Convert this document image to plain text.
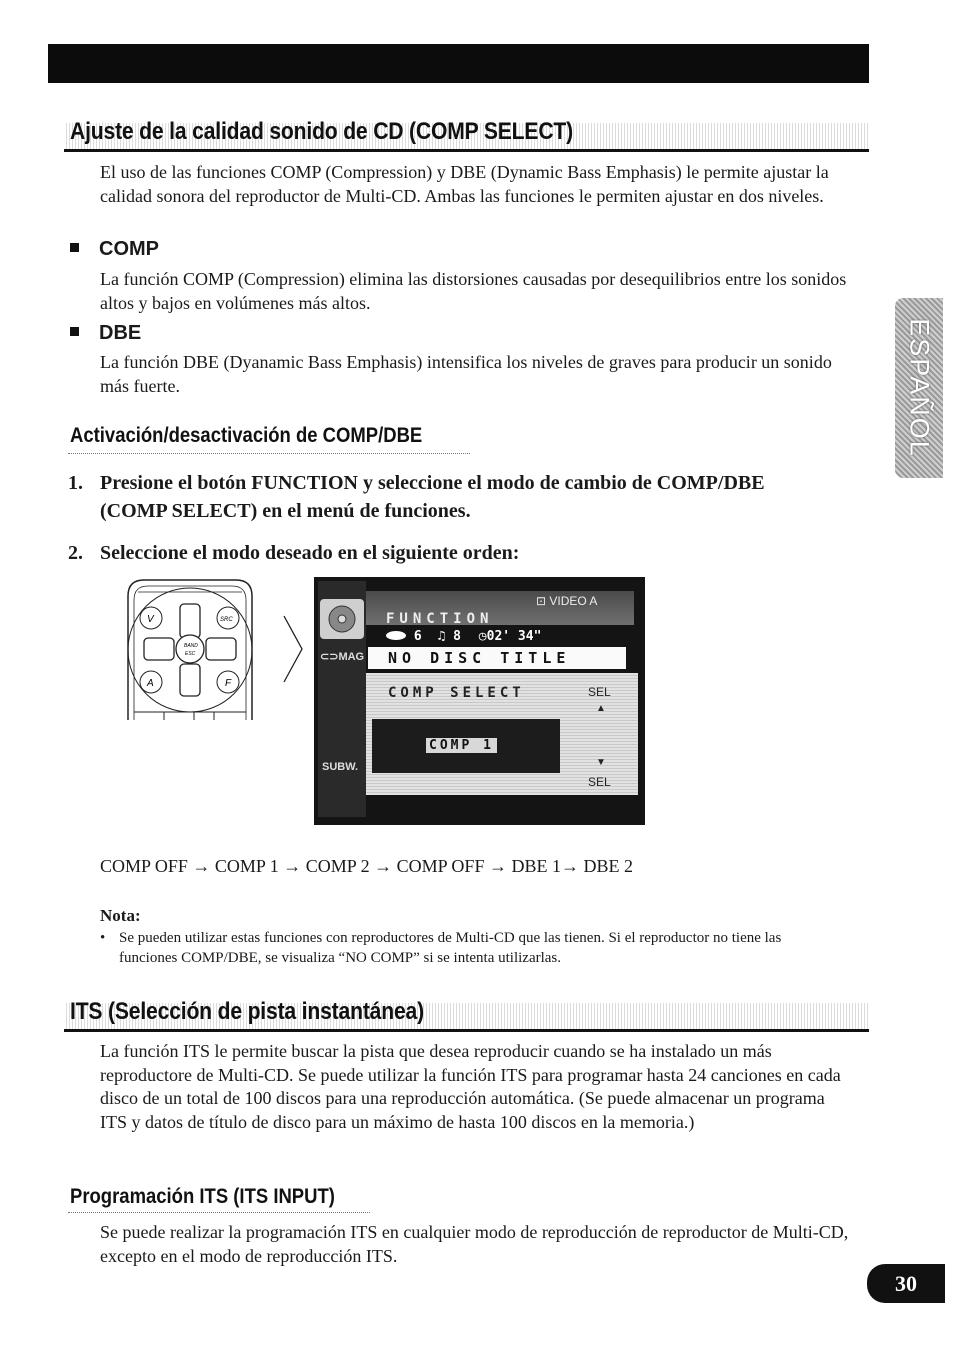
Ajuste de la calidad sonido de CD (COMP SELECT)
El uso de las funciones COMP (Compression) y DBE (Dynamic Bass Emphasis) le permite ajustar la calidad sonora del reproductor de Multi-CD. Ambas las funciones le permiten ajustar en dos niveles.
COMP
La función COMP (Compression) elimina las distorsiones causadas por desequilibrios entre los sonidos altos y bajos en volúmenes más altos.
DBE
La función DBE (Dyanamic Bass Emphasis) intensifica los niveles de graves para producir un sonido más fuerte.
Activación/desactivación de COMP/DBE
1. Presione el botón FUNCTION y seleccione el modo de cambio de COMP/DBE (COMP SELECT) en el menú de funciones.
2. Seleccione el modo deseado en el siguiente orden:
V	SRC
BAND
ESC
A	F
⊂⊃MAG
SUBW.
⊡ VIDEO A
FUNCTION
6 ♫ 8 ◷02' 34"
NO DISC TITLE
COMP SELECT	SEL
▲
COMP 1
▼
SEL
COMP OFF → COMP 1 → COMP 2 → COMP OFF → DBE 1→ DBE 2
Nota:
• Se pueden utilizar estas funciones con reproductores de Multi-CD que las tienen. Si el reproductor no tiene las funciones COMP/DBE, se visualiza “NO COMP” si se intenta utilizarlas.
ITS (Selección de pista instantánea)
La función ITS le permite buscar la pista que desea reproducir cuando se ha instalado un más reproductore de Multi-CD. Se puede utilizar la función ITS para programar hasta 24 canciones en cada disco de un total de 100 discos para una reproducción automática. (Se puede almacenar un programa ITS y datos de título de disco para un máximo de hasta 100 discos en la memoria.)
Programación ITS (ITS INPUT)
Se puede realizar la programación ITS en cualquier modo de reproducción de reproductor de Multi-CD, excepto en el modo de reproducción ITS.
ESPAÑOL
30
